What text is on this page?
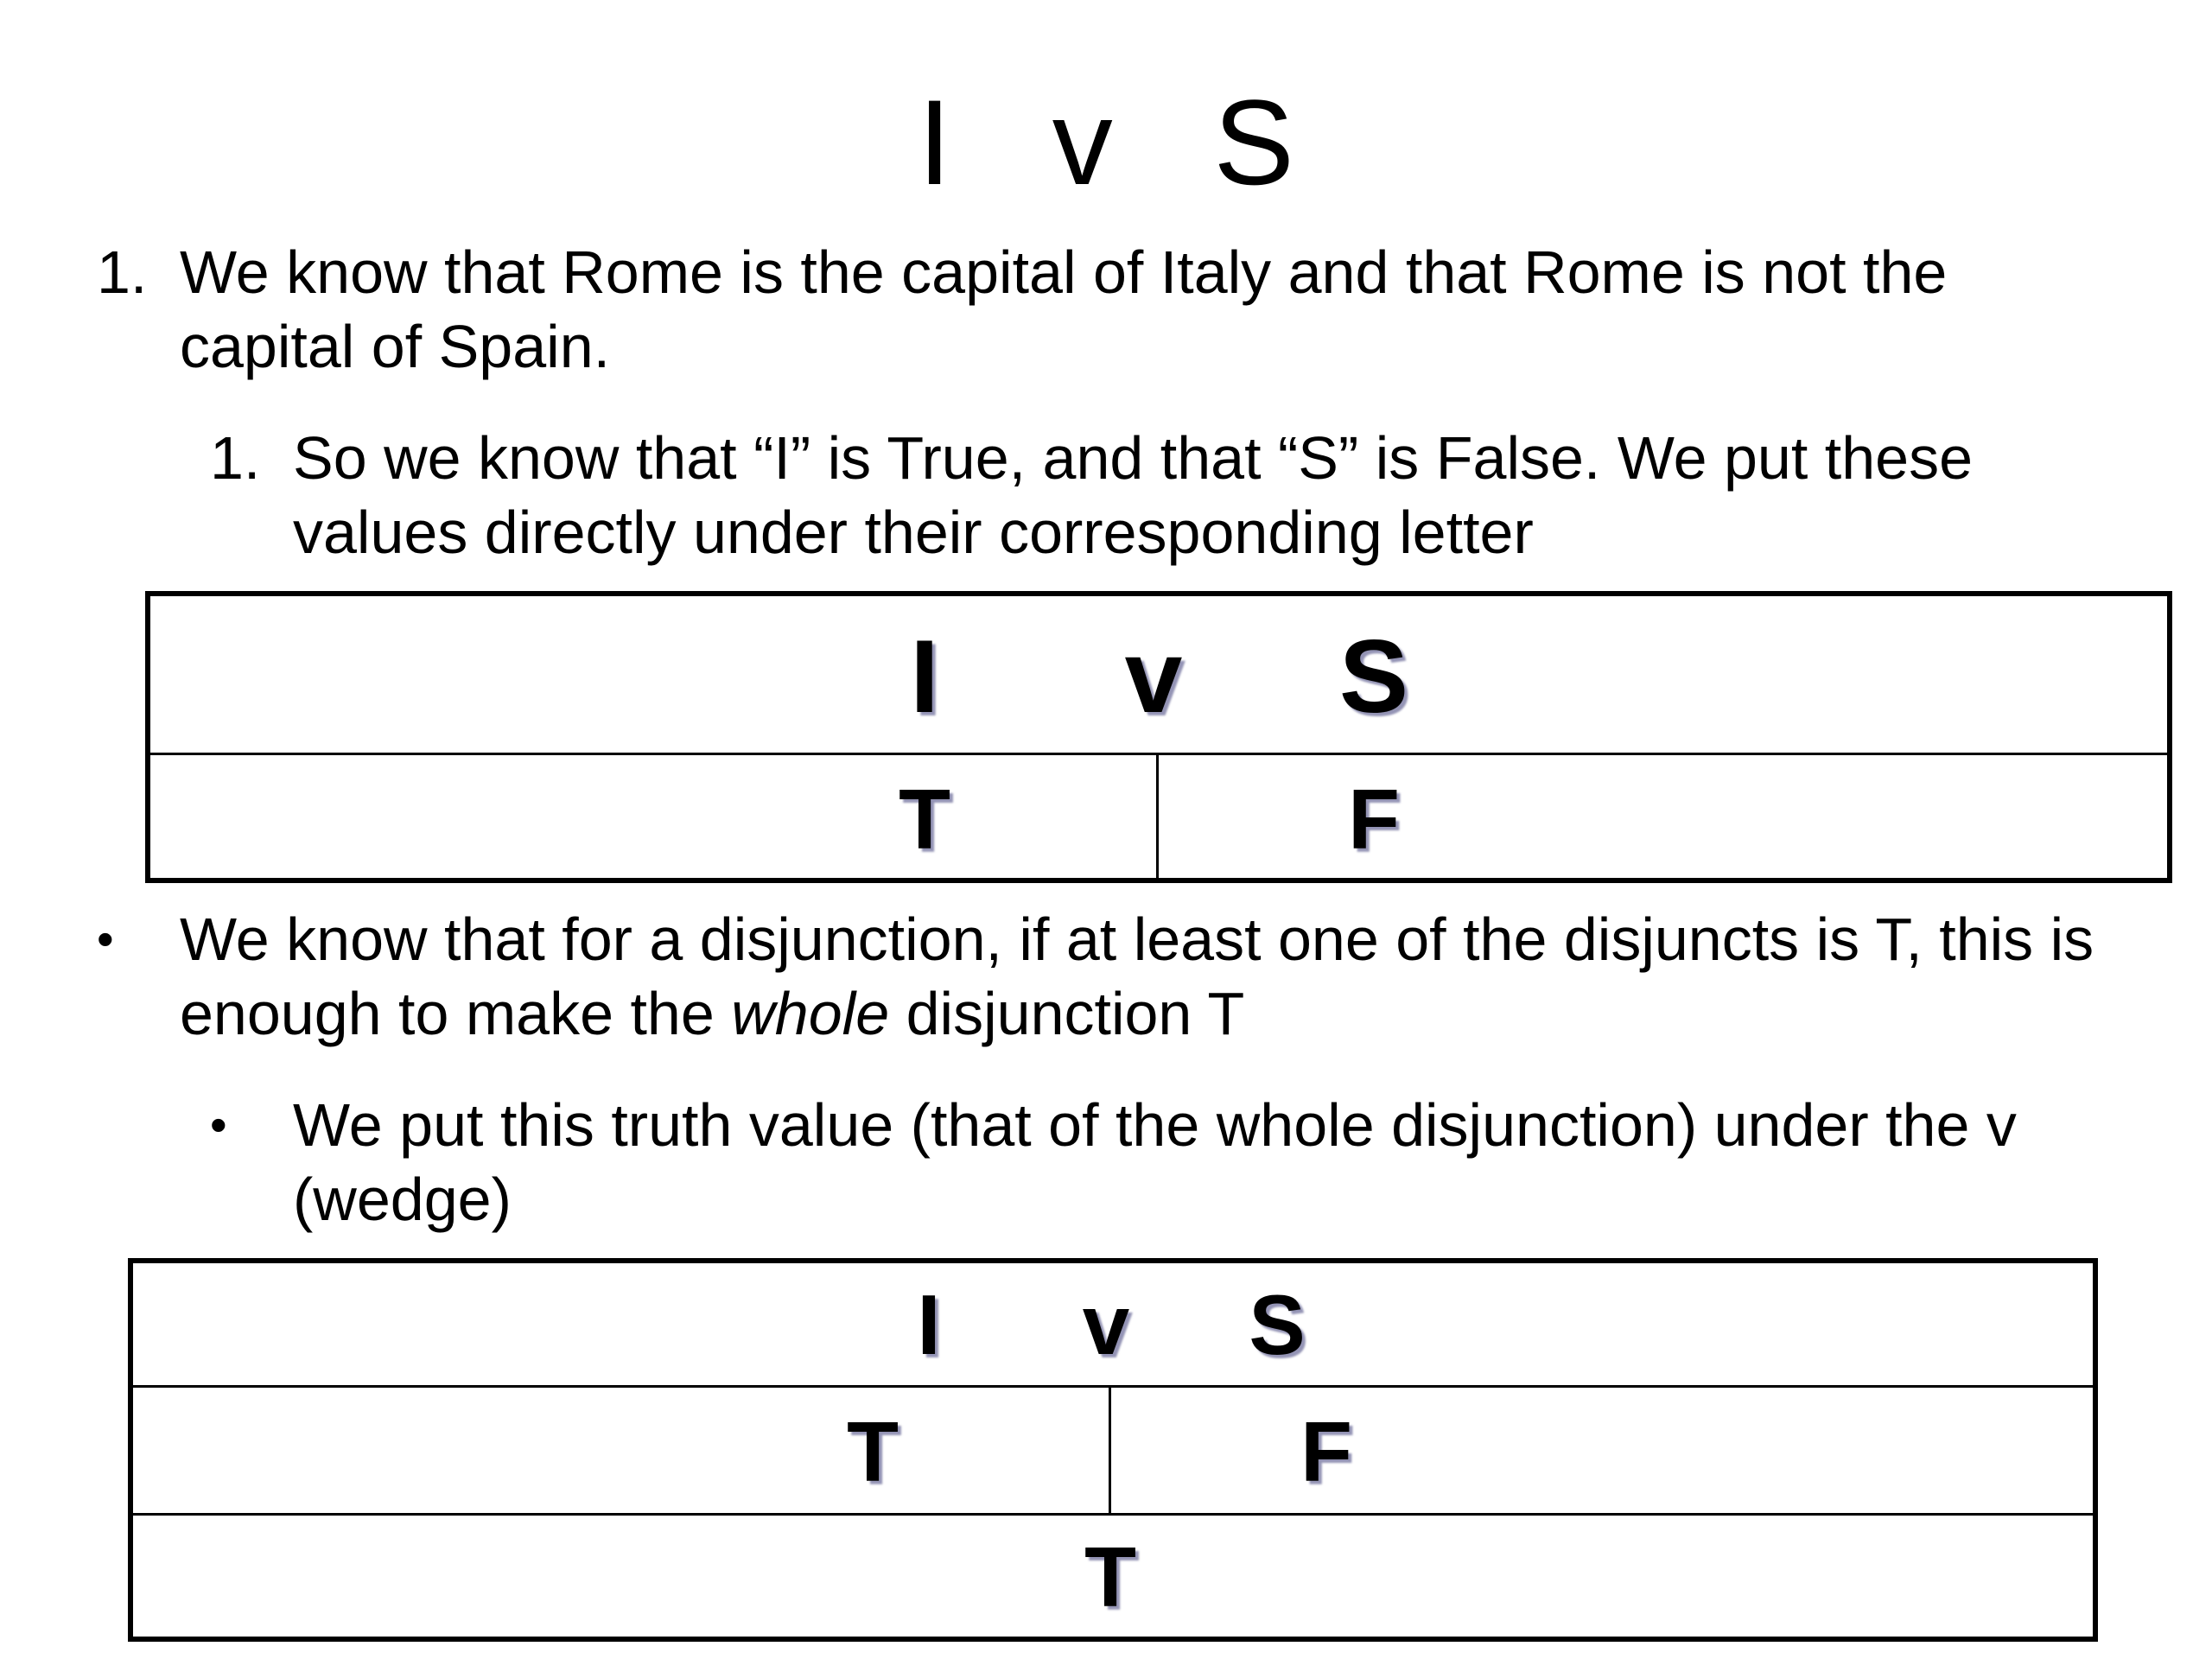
I v S
1. We know that Rome is the capital of Italy and that Rome is not the
capital of Spain.
1. So we know that “I” is True, and that “S” is False. We put these
values directly under their corresponding letter
I	v S
T	F
• We know that for a disjunction, if at least one of the disjuncts is T, this is
enough to make the whole disjunction T
• We put this truth value (that of the whole disjunction) under the v
(wedge)
I	v S
T	F
T
